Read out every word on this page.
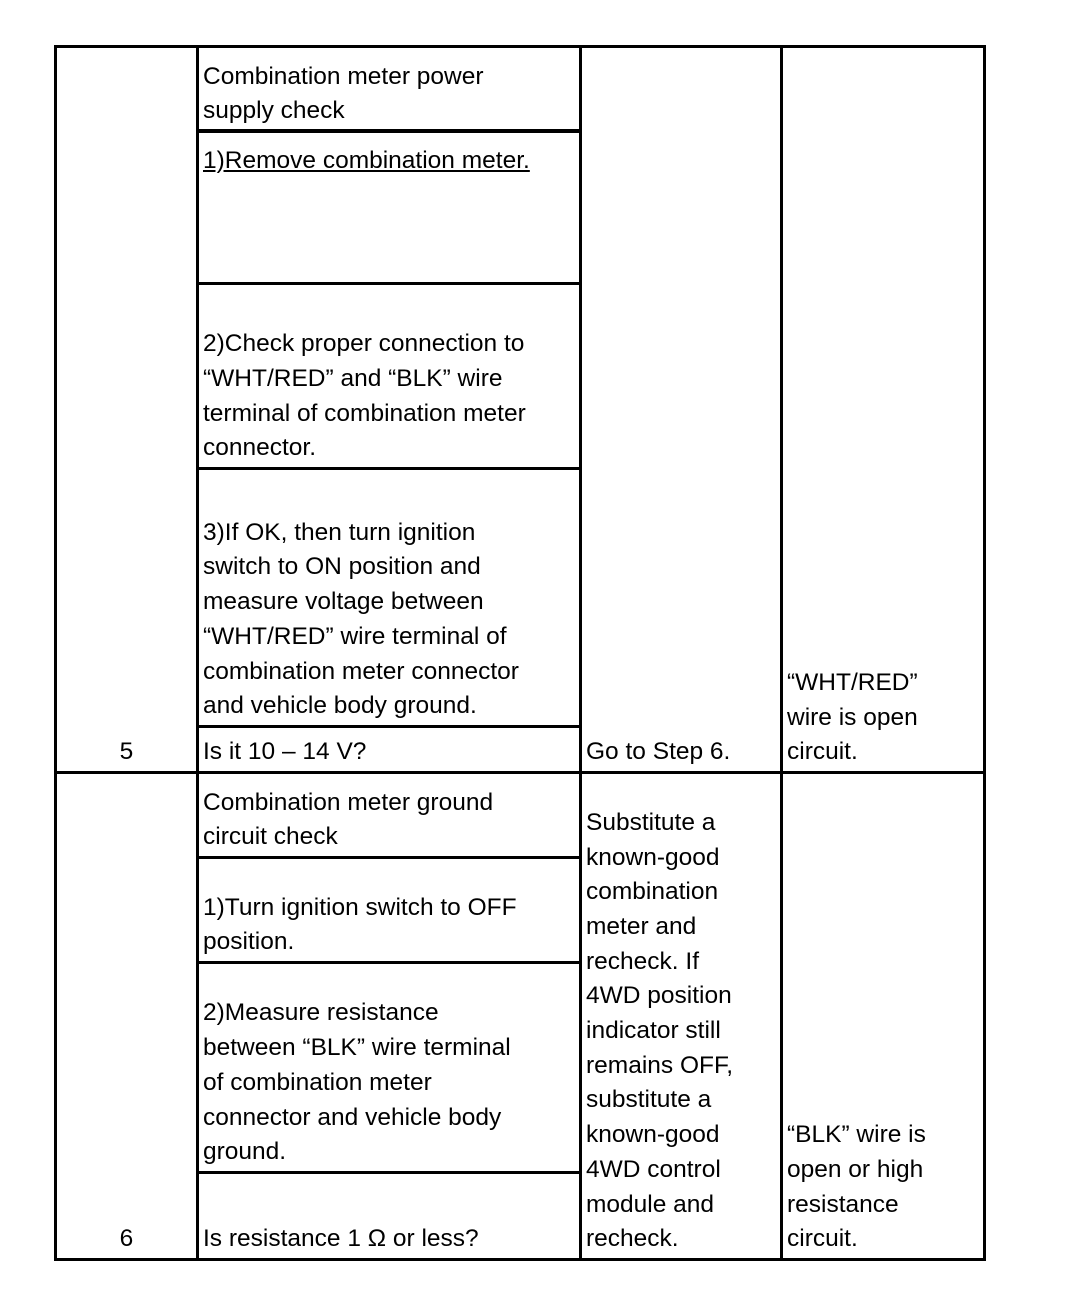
5
Combination meter power
supply check
1)Remove combination meter.
2)Check proper connection to
“WHT/RED” and “BLK” wire
terminal of combination meter
connector.
3)If OK, then turn ignition
switch to ON position and
measure voltage between
“WHT/RED” wire terminal of
combination meter connector
and vehicle body ground.
Is it 10 – 14 V?	Go to Step 6.
“WHT/RED”
wire is open
circuit.
6
Combination meter ground
circuit check
1)Turn ignition switch to OFF
position.
2)Measure resistance
between “BLK” wire terminal
of combination meter
connector and vehicle body
ground.
Is resistance 1 Ω or less?
Substitute a
known-good
combination
meter and
recheck. If
4WD position
indicator still
remains OFF,
substitute a
known-good
4WD control
module and
recheck.
“BLK” wire is
open or high
resistance
circuit.
